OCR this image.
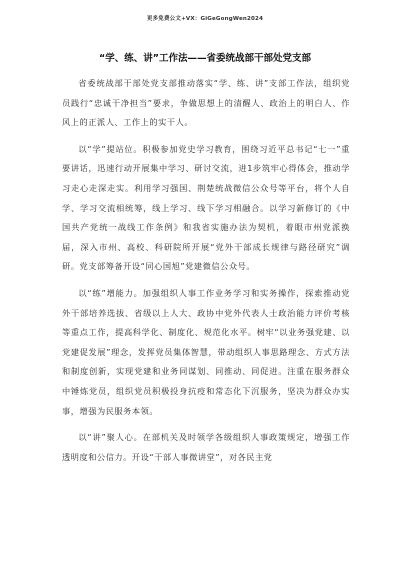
更多免费公文+VX：GiGeGongWen2024
“学、练、讲”工作法——省委统战部干部处党支部

省委统战部干部处党支部推动落实“学、练、讲”支部工作法，组织党员践行“忠诚干净担当”要求，争做思想上的清醒人、政治上的明白人、作风上的正派人、工作上的实干人。

以“学”提站位。积极参加党史学习教育，围绕习近平总书记“七一”重要讲话，迅速行动开展集中学习、研讨交流，进1步筑牢心得体会，推动学习走心走深走实。利用学习强国、荆楚统战微信公众号等平台，将个人自学、学习交流相统筹，线上学习、线下学习相融合。以学习新修订的《中国共产党统一战线工作条例》和我省实施办法为契机，着眼市州党派换届，深入市州、高校、科研院所开展“党外干部成长规律与路径研究”调研。党支部筹备开设“同心国旭”党建微信公众号。

以“练”增能力。加强组织人事工作业务学习和实务操作，探索推动党外干部培养选拔、省级以上人大、政协中党外代表人士政治能力评价考核等重点工作，提高科学化、制度化、规范化水平。树牢“以业务强党建、以党建促发展”理念，发挥党员集体智慧，带动组织人事思路理念、方式方法和制度创新，实现党建和业务同谋划、同推动、同促进。注重在服务群众中锤炼党员，组织党员积极投身抗疫和常态化下沉服务，坚决为群众办实事，增强为民服务本领。

以“讲”聚人心。在部机关及时领学各级组织人事政策规定，增强工作透明度和公信力。开设“干部人事微讲堂”，对各民主党
